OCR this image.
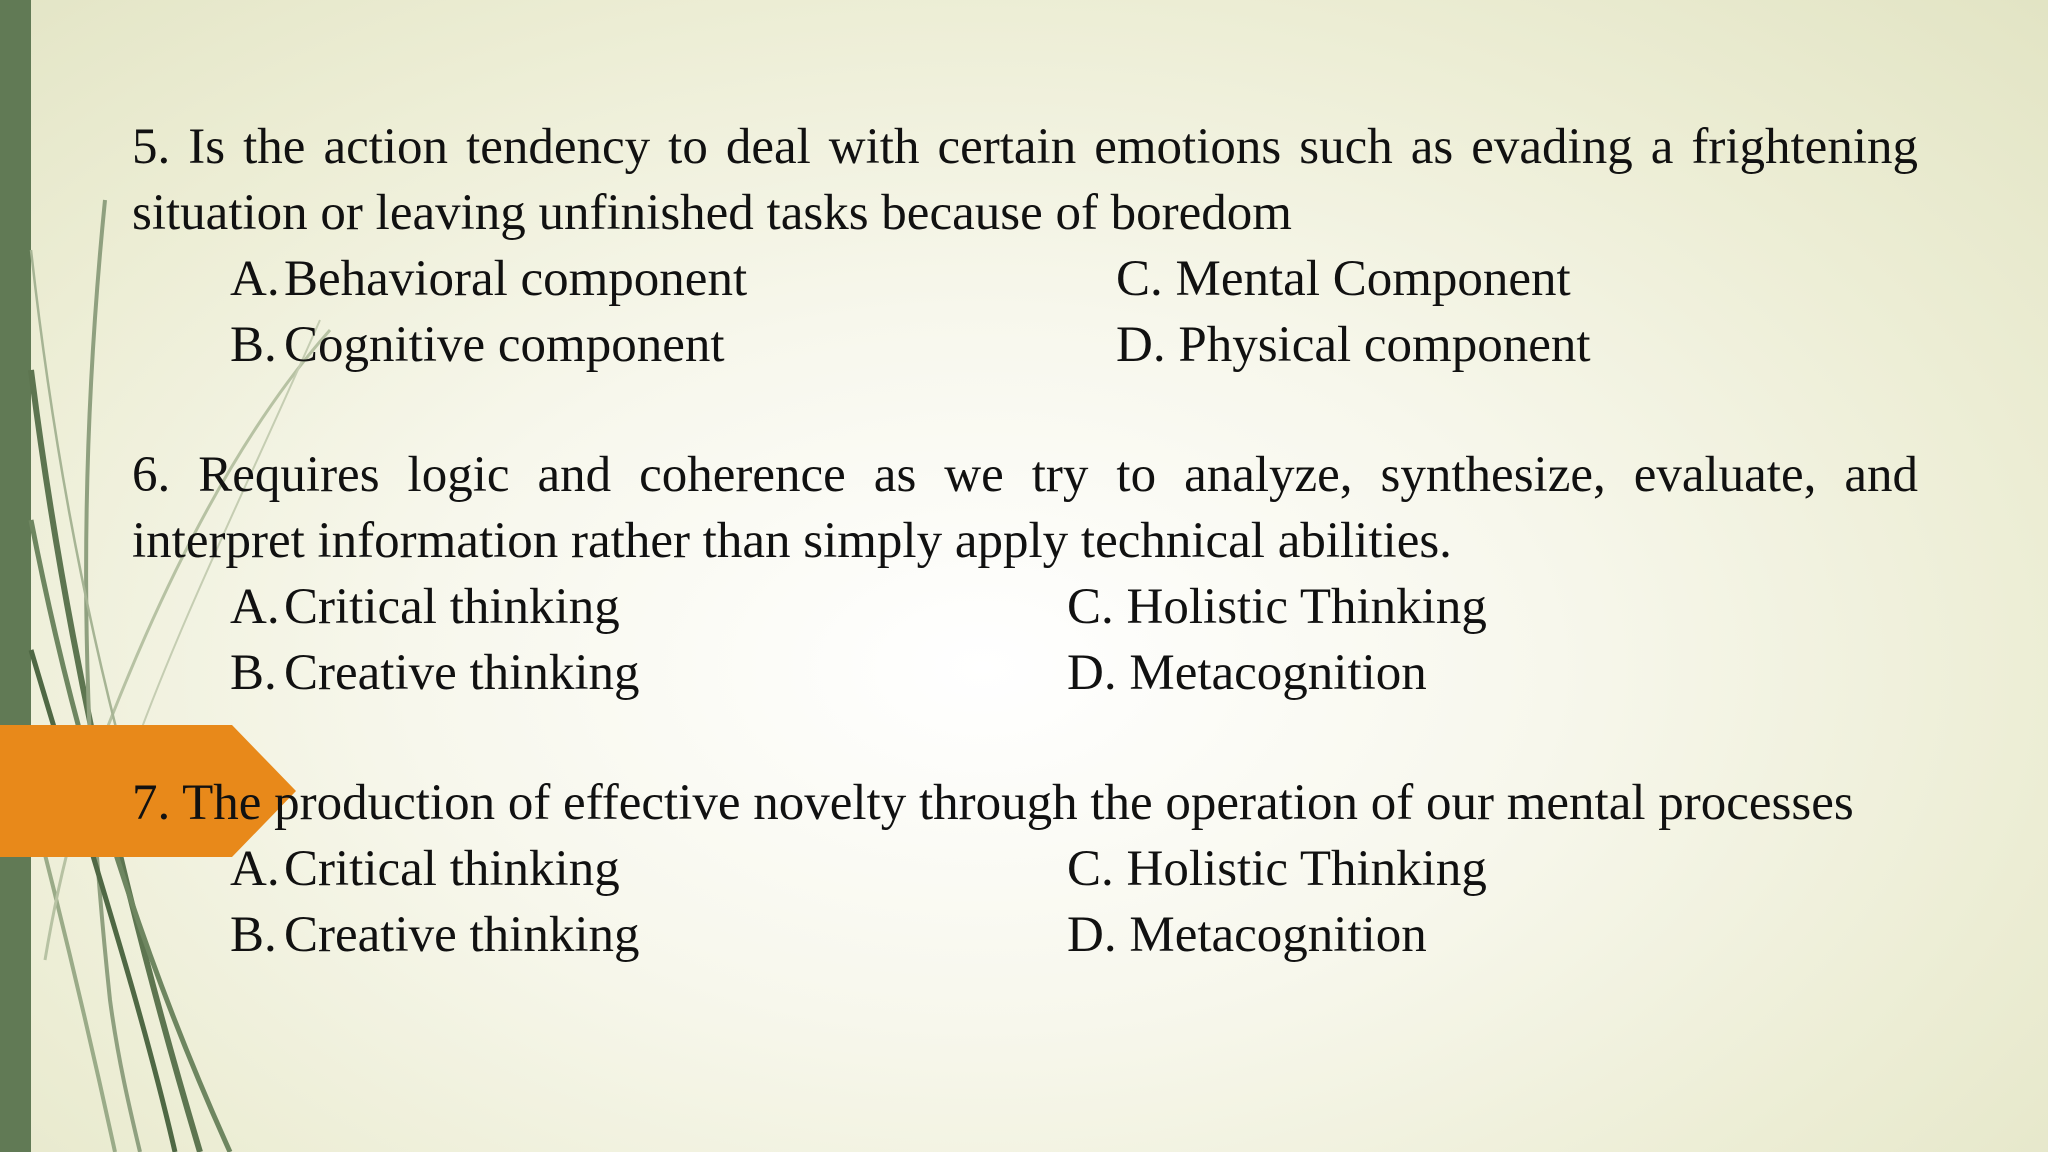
5. Is the action tendency to deal with certain emotions such as evading a frightening situation or leaving unfinished tasks because of boredom

A.Behavioral component
B. Cognitive component
C. Mental Component
D. Physical component

6. Requires logic and coherence as we try to analyze, synthesize, evaluate, and interpret information rather than simply apply technical abilities.

A.Critical thinking
B. Creative thinking
C. Holistic Thinking
D. Metacognition

7. The production of effective novelty through the operation of our mental processes

A.Critical thinking
B. Creative thinking
C. Holistic Thinking
D. Metacognition
